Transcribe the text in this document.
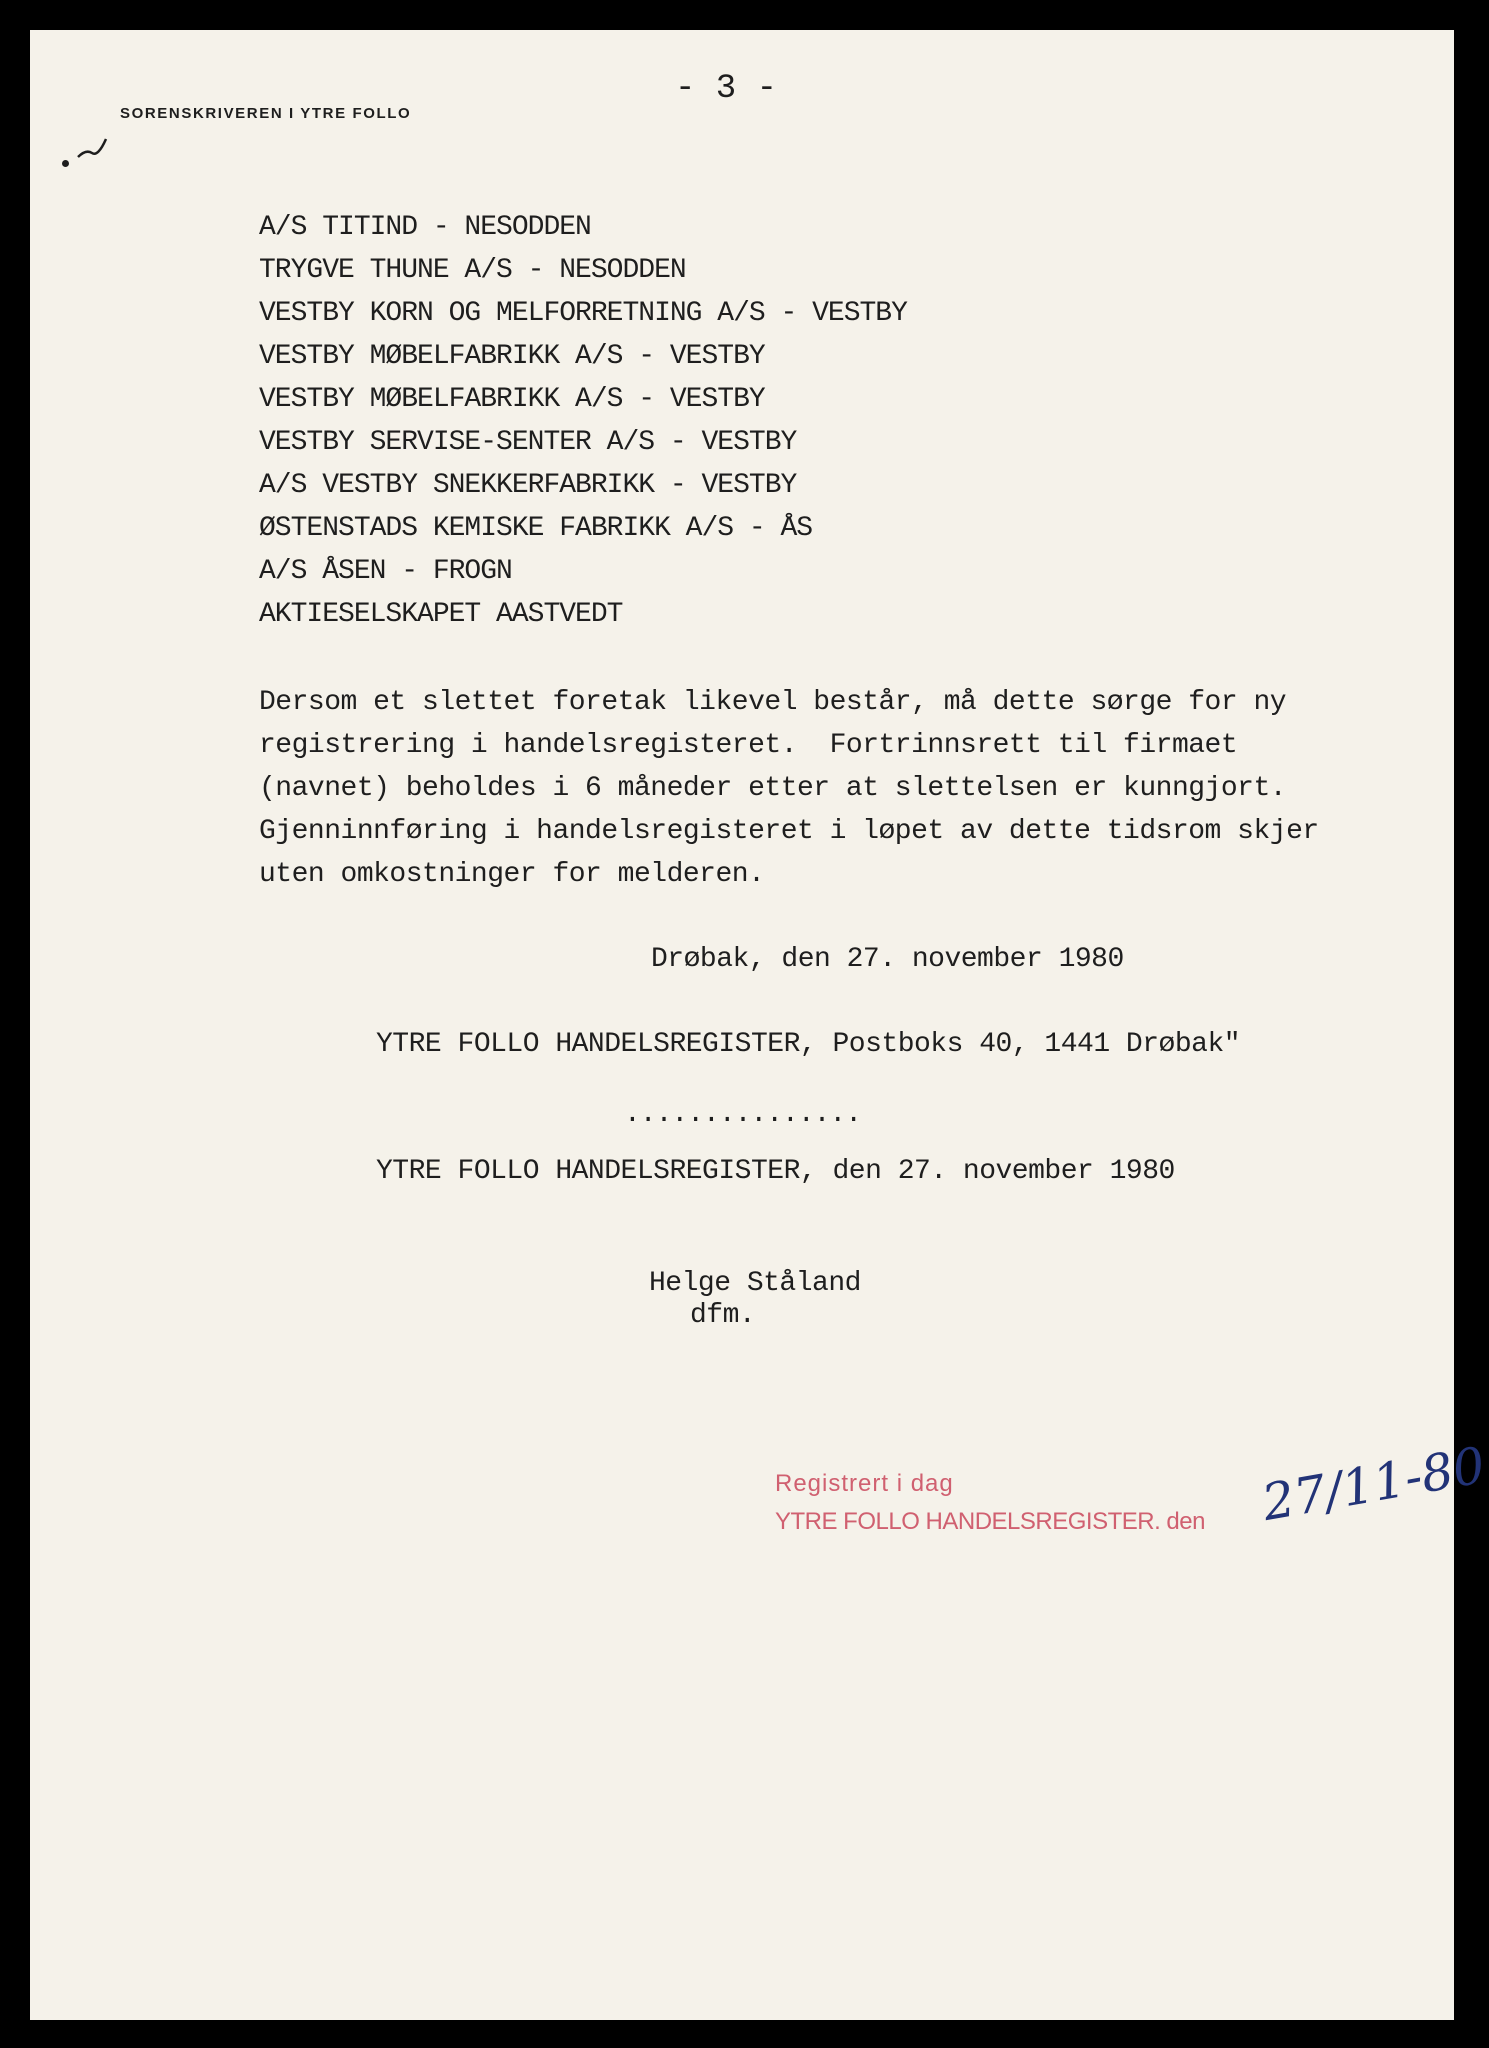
SORENSKRIVEREN I YTRE FOLLO
- 3 -
A/S TITIND - NESODDEN
TRYGVE THUNE A/S - NESODDEN
VESTBY KORN OG MELFORRETNING A/S - VESTBY
VESTBY MØBELFABRIKK A/S - VESTBY
VESTBY MØBELFABRIKK A/S - VESTBY
VESTBY SERVISE-SENTER A/S - VESTBY
A/S VESTBY SNEKKERFABRIKK - VESTBY
ØSTENSTADS KEMISKE FABRIKK A/S - ÅS
A/S ÅSEN - FROGN
AKTIESELSKAPET AASTVEDT
Dersom et slettet foretak likevel består, må dette sørge for ny
registrering i handelsregisteret.  Fortrinnsrett til firmaet
(navnet) beholdes i 6 måneder etter at slettelsen er kunngjort.
Gjenninnføring i handelsregisteret i løpet av dette tidsrom skjer
uten omkostninger for melderen.
Drøbak, den 27. november 1980
YTRE FOLLO HANDELSREGISTER, Postboks 40, 1441 Drøbak"
...............
YTRE FOLLO HANDELSREGISTER, den 27. november 1980
Helge Ståland
dfm.
Registrert i dag
YTRE FOLLO HANDELSREGISTER. den 27/11-80
